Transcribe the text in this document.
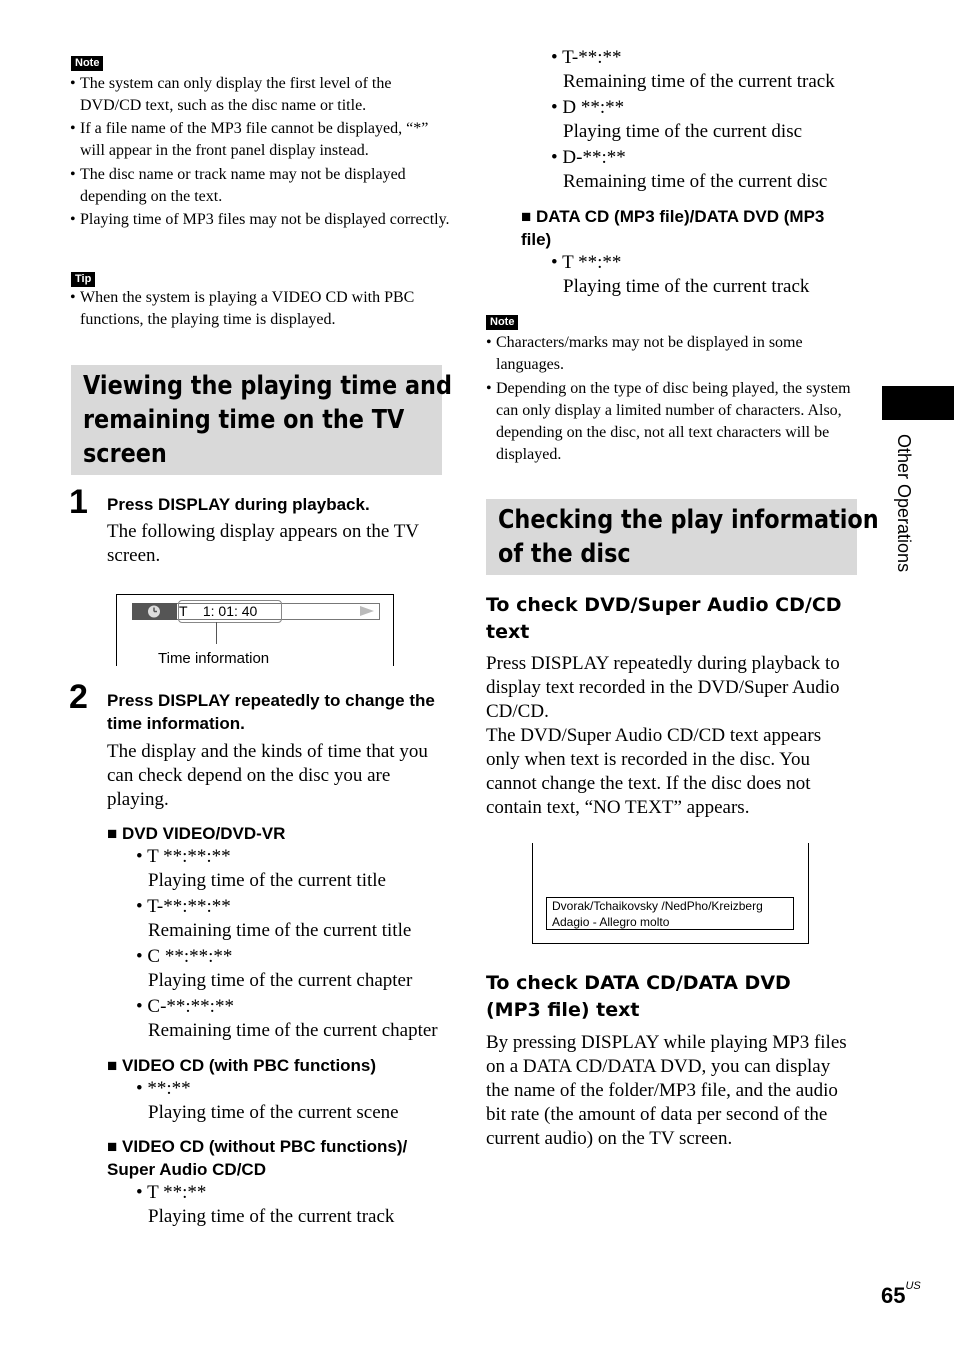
Note
• The system can only display the first level of the DVD/CD text, such as the disc name or title.
• If a file name of the MP3 file cannot be displayed, “*” will appear in the front panel display instead.
• The disc name or track name may not be displayed depending on the text.
• Playing time of MP3 files may not be displayed correctly.
Tip
• When the system is playing a VIDEO CD with PBC functions, the playing time is displayed.
Viewing the playing time and
remaining time on the TV
screen
1 Press DISPLAY during playback.
The following display appears on the TV screen.
T    1: 01: 40
Time information
2 Press DISPLAY repeatedly to change the time information.
The display and the kinds of time that you can check depend on the disc you are playing.
■ DVD VIDEO/DVD-VR
• T **:**:**
Playing time of the current title
• T-**:**:**
Remaining time of the current title
• C **:**:**
Playing time of the current chapter
• C-**:**:**
Remaining time of the current chapter
■ VIDEO CD (with PBC functions)
• **:**
Playing time of the current scene
■ VIDEO CD (without PBC functions)/
Super Audio CD/CD
• T **:**
Playing time of the current track
• T-**:**
Remaining time of the current track
• D **:**
Playing time of the current disc
• D-**:**
Remaining time of the current disc
■ DATA CD (MP3 file)/DATA DVD (MP3
file)
• T **:**
Playing time of the current track
Note
• Characters/marks may not be displayed in some languages.
• Depending on the type of disc being played, the system can only display a limited number of characters. Also, depending on the disc, not all text characters will be displayed.
Checking the play information
of the disc
To check DVD/Super Audio CD/CD
text
Press DISPLAY repeatedly during playback to display text recorded in the DVD/Super Audio CD/CD.
The DVD/Super Audio CD/CD text appears only when text is recorded in the disc. You cannot change the text. If the disc does not contain text, “NO TEXT” appears.
Dvorak/Tchaikovsky /NedPho/Kreizberg
Adagio - Allegro molto
To check DATA CD/DATA DVD
(MP3 file) text
By pressing DISPLAY while playing MP3 files on a DATA CD/DATA DVD, you can display the name of the folder/MP3 file, and the audio bit rate (the amount of data per second of the current audio) on the TV screen.
Other Operations
$65^{US}$
